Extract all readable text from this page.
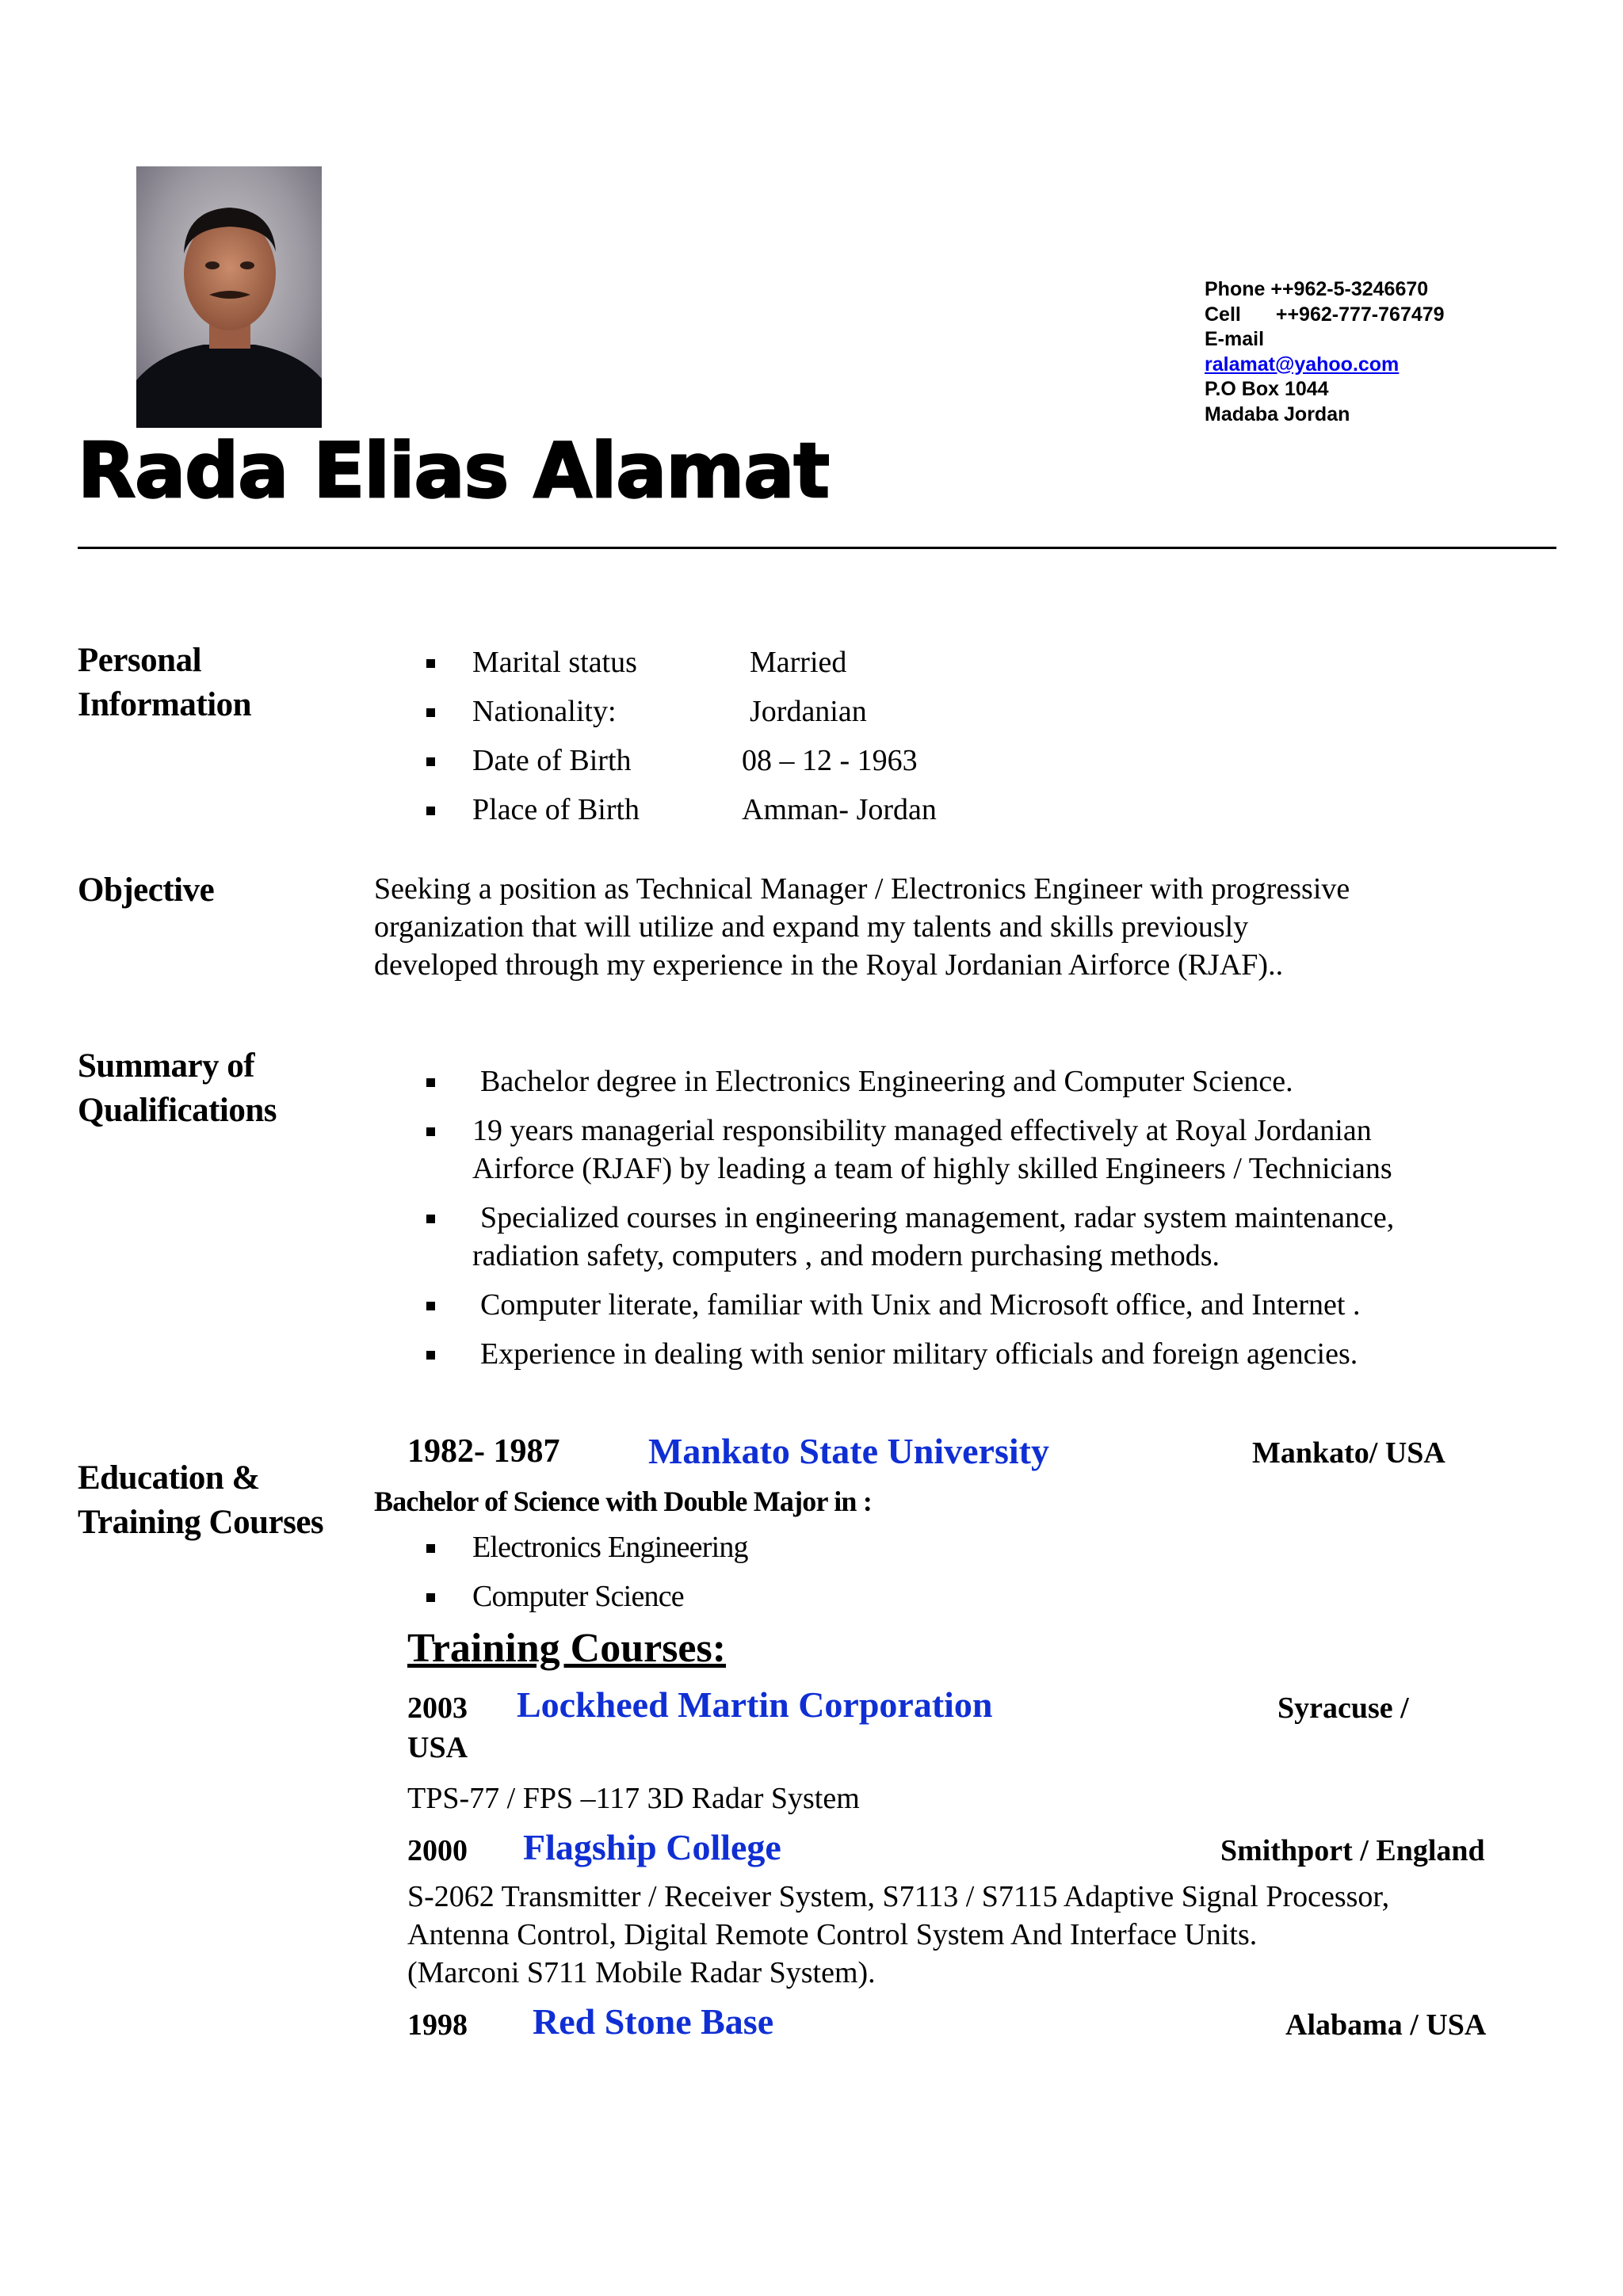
Phone ++962-5-3246670
Cell ++962-777-767479
E-mail
ralamat@yahoo.com
P.O Box 1044
Madaba Jordan
Rada Elias Alamat
Personal
Information
Marital status	Married
Nationality:	Jordanian
Date of Birth	08 – 12 - 1963
Place of Birth	Amman- Jordan
Objective	Seeking a position as Technical Manager / Electronics Engineer with progressive
organization that will utilize and expand my talents and skills previously
developed through my experience in the Royal Jordanian Airforce (RJAF)..
Summary of
Qualifications
Bachelor degree in Electronics Engineering and Computer Science.
19 years managerial responsibility managed effectively at Royal Jordanian
Airforce (RJAF) by leading a team of highly skilled Engineers / Technicians
Specialized courses in engineering management, radar system maintenance,
radiation safety, computers , and modern purchasing methods.
Computer literate, familiar with Unix and Microsoft office, and Internet .
Experience in dealing with senior military officials and foreign agencies.
Education &
Training Courses
1982- 1987 Mankato State University	Mankato/ USA
Bachelor of Science with Double Major in :
Electronics Engineering
Computer Science
Training Courses:
2003 Lockheed Martin Corporation	Syracuse /
USA
TPS-77 / FPS –117 3D Radar System
2000 Flagship College	Smithport / England
S-2062 Transmitter / Receiver System, S7113 / S7115 Adaptive Signal Processor,
Antenna Control, Digital Remote Control System And Interface Units.
(Marconi S711 Mobile Radar System).
1998 Red Stone Base	Alabama / USA
